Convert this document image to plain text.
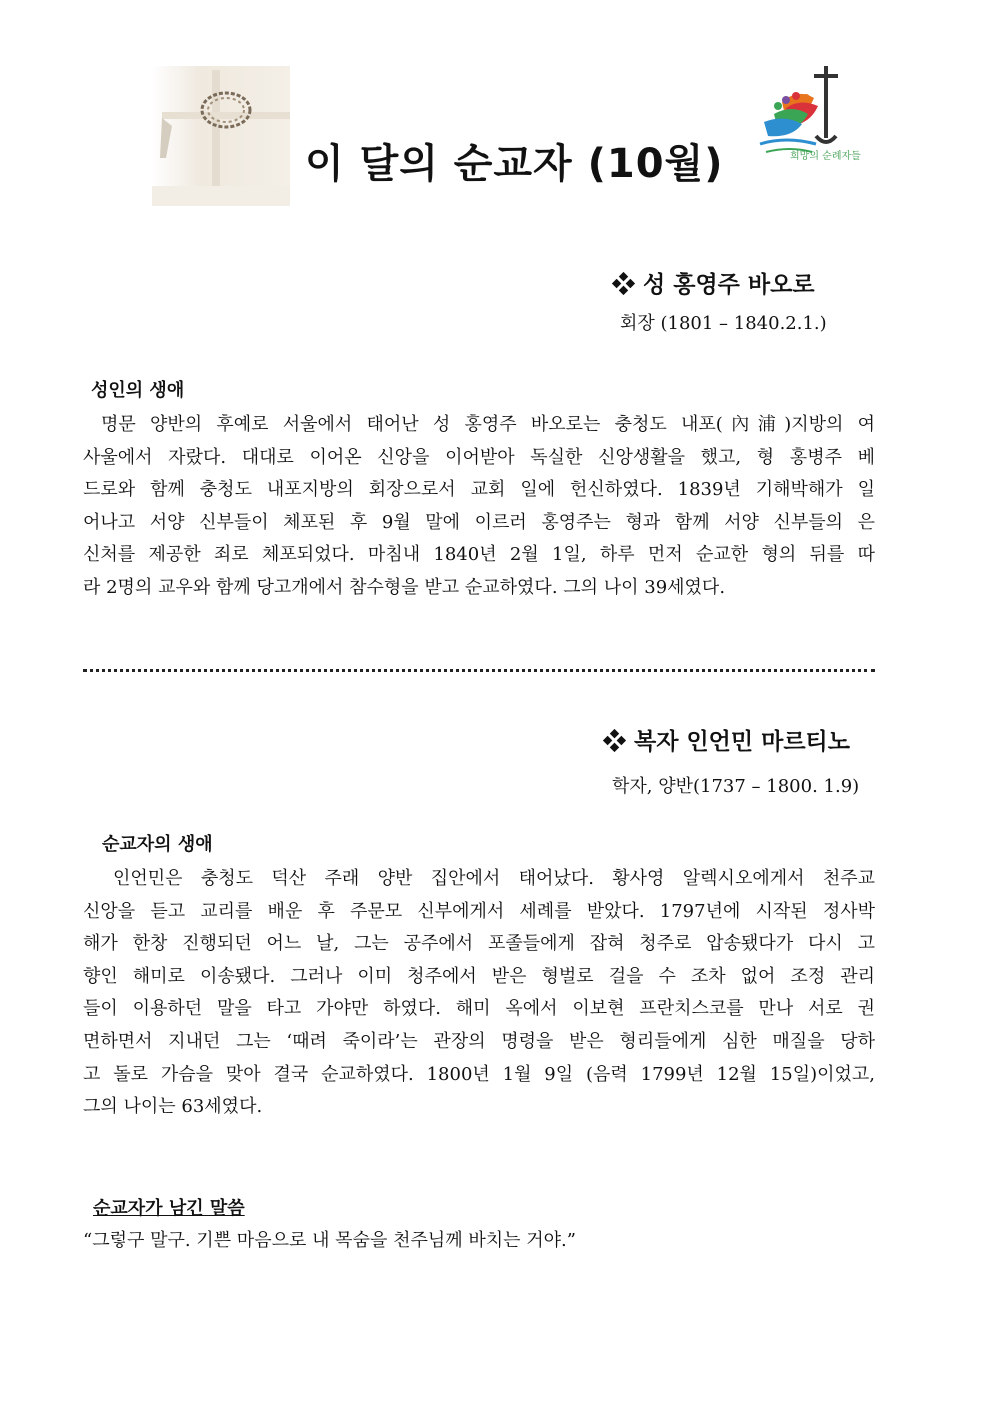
희망의 순례자들
이 달의 순교자 (10월)
❖ 성 홍영주 바오로
회장 (1801 – 1840.2.1.)
성인의 생애
명문 양반의 후예로 서울에서 태어난 성 홍영주 바오로는 충청도 내포(內浦)지방의 여
사울에서 자랐다. 대대로 이어온 신앙을 이어받아 독실한 신앙생활을 했고, 형 홍병주 베
드로와 함께 충청도 내포지방의 회장으로서 교회 일에 헌신하였다. 1839년 기해박해가 일
어나고 서양 신부들이 체포된 후 9월 말에 이르러 홍영주는 형과 함께 서양 신부들의 은
신처를 제공한 죄로 체포되었다. 마침내 1840년 2월 1일, 하루 먼저 순교한 형의 뒤를 따
라 2명의 교우와 함께 당고개에서 참수형을 받고 순교하였다. 그의 나이 39세였다.
❖ 복자 인언민 마르티노
학자, 양반(1737 – 1800. 1.9)
순교자의 생애
인언민은 충청도 덕산 주래 양반 집안에서 태어났다. 황사영 알렉시오에게서 천주교
신앙을 듣고 교리를 배운 후 주문모 신부에게서 세례를 받았다. 1797년에 시작된 정사박
해가 한창 진행되던 어느 날, 그는 공주에서 포졸들에게 잡혀 청주로 압송됐다가 다시 고
향인 해미로 이송됐다. 그러나 이미 청주에서 받은 형벌로 걸을 수 조차 없어 조정 관리
들이 이용하던 말을 타고 가야만 하였다. 해미 옥에서 이보현 프란치스코를 만나 서로 권
면하면서 지내던 그는 ‘때려 죽이라’는 관장의 명령을 받은 형리들에게 심한 매질을 당하
고 돌로 가슴을 맞아 결국 순교하였다. 1800년 1월 9일 (음력 1799년 12월 15일)이었고,
그의 나이는 63세였다.
순교자가 남긴 말씀
“그렇구 말구. 기쁜 마음으로 내 목숨을 천주님께 바치는 거야.”
